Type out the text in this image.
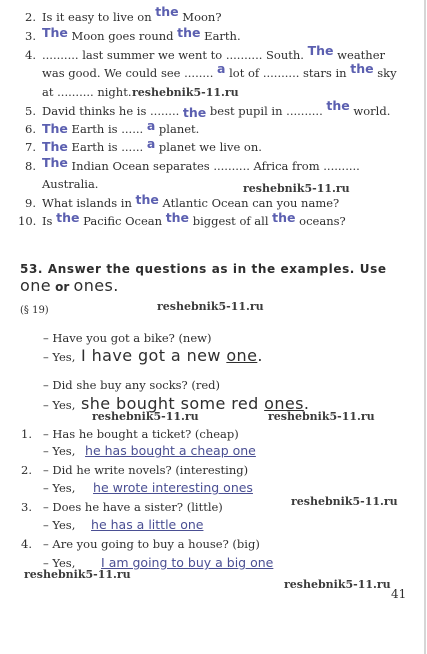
2. Is it easy to live on the Moon?
3. The Moon goes round the Earth.
4. .......... last summer we went to .......... South. The weather
was good. We could see ........ a lot of .......... stars in the sky
at .......... night.
5. David thinks he is ........ the best pupil in .......... the world.
6. The Earth is ...... a planet.
7. The Earth is ...... a planet we live on.
8. The Indian Ocean separates .......... Africa from ..........
Australia.
9. What islands in the Atlantic Ocean can you name?
10. Is the Pacific Ocean the biggest of all the oceans?
53. Answer the questions as in the examples. Use
one or ones.
(§ 19)
– Have you got a bike? (new)
– Yes, I have got a new one.
– Did she buy any socks? (red)
– Yes, she bought some red ones.
1. – Has he bought a ticket? (cheap)
– Yes, he has bought a cheap one
2. – Did he write novels? (interesting)
– Yes, he wrote interesting ones
3. – Does he have a sister? (little)
– Yes, he has a little one
4. – Are you going to buy a house? (big)
– Yes, I am going to buy a big one
reshebnik5-11.ru
reshebnik5-11.ru
reshebnik5-11.ru
reshebnik5-11.ru	reshebnik5-11.ru
reshebnik5-11.ru
reshebnik5-11.ru
reshebnik5-11.ru
41
